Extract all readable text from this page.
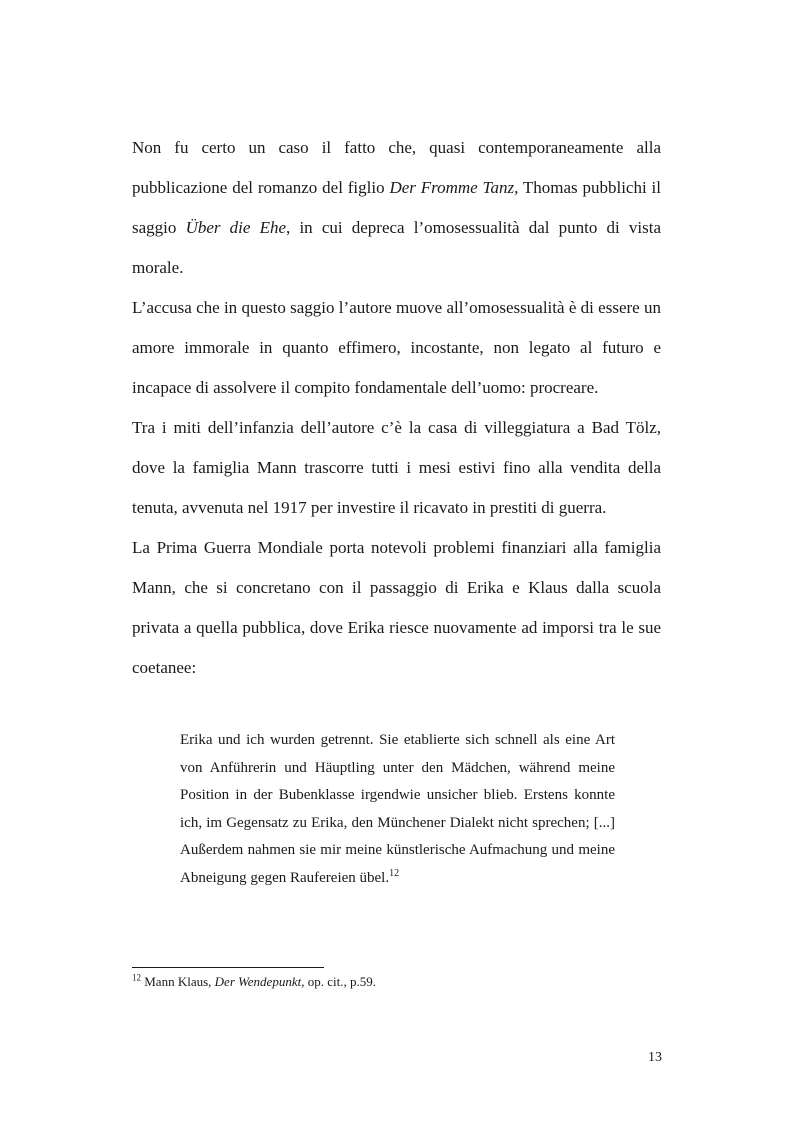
Non fu certo un caso il fatto che, quasi contemporaneamente alla pubblicazione del romanzo del figlio Der Fromme Tanz, Thomas pubblichi il saggio Über die Ehe, in cui depreca l’omosessualità dal punto di vista morale.

L’accusa che in questo saggio l’autore muove all’omosessualità è di essere un amore immorale in quanto effimero, incostante, non legato al futuro e incapace di assolvere il compito fondamentale dell’uomo: procreare.

Tra i miti dell’infanzia dell’autore c’è la casa di villeggiatura a Bad Tölz, dove la famiglia Mann trascorre tutti i mesi estivi fino alla vendita della tenuta, avvenuta nel 1917 per investire il ricavato in prestiti di guerra.

La Prima Guerra Mondiale porta notevoli problemi finanziari alla famiglia Mann, che si concretano con il passaggio di Erika e Klaus dalla scuola privata a quella pubblica, dove Erika riesce nuovamente ad imporsi tra le sue coetanee:

Erika und ich wurden getrennt. Sie etablierte sich schnell als eine Art von Anführerin und Häuptling unter den Mädchen, während meine Position in der Bubenklasse irgendwie unsicher blieb. Erstens konnte ich, im Gegensatz zu Erika, den Münchener Dialekt nicht sprechen; [...] Außerdem nahmen sie mir meine künstlerische Aufmachung und meine Abneigung gegen Raufereien übel.$^{12}$

$^{12}$ Mann Klaus, Der Wendepunkt, op. cit., p.59.
13
